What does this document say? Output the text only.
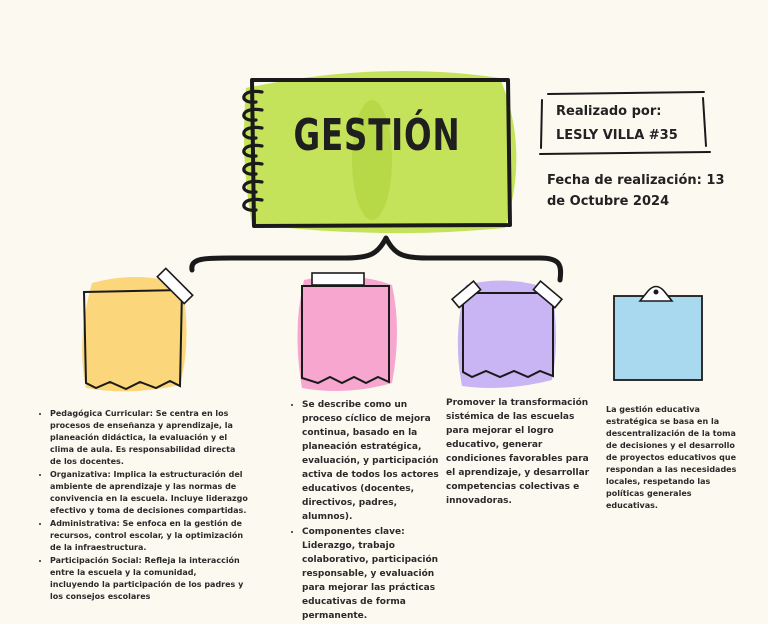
GESTIÓN	Realizado por:
LESLY VILLA #35
Fecha de realización: 13 de Octubre 2024
• Pedagógica Curricular: Se centra en los procesos de enseñanza y aprendizaje, la planeación didáctica, la evaluación y el clima de aula. Es responsabilidad directa de los docentes.
• Organizativa: Implica la estructuración del ambiente de aprendizaje y las normas de convivencia en la escuela. Incluye liderazgo efectivo y toma de decisiones compartidas.
• Administrativa: Se enfoca en la gestión de recursos, control escolar, y la optimización de la infraestructura.
• Participación Social: Refleja la interacción entre la escuela y la comunidad, incluyendo la participación de los padres y los consejos escolares
• Se describe como un proceso cíclico de mejora continua, basado en la planeación estratégica, evaluación, y participación activa de todos los actores educativos (docentes, directivos, padres, alumnos).
• Componentes clave: Liderazgo, trabajo colaborativo, participación responsable, y evaluación para mejorar las prácticas educativas de forma permanente.
Promover la transformación sistémica de las escuelas para mejorar el logro educativo, generar condiciones favorables para el aprendizaje, y desarrollar competencias colectivas e innovadoras.
La gestión educativa estratégica se basa en la descentralización de la toma de decisiones y el desarrollo de proyectos educativos que respondan a las necesidades locales, respetando las políticas generales educativas.
